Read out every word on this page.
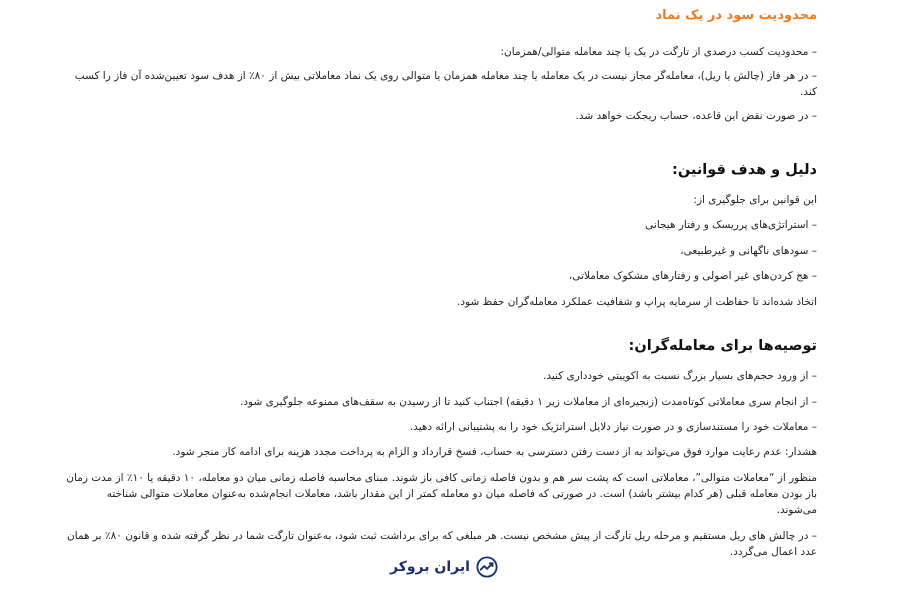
محدودیت سود در یک نماد

– محدودیت کسب درصدی از تارگت در یک یا چند معامله متوالی/همزمان:

– در هر فاز (چالش یا ریل)، معامله‌گر مجاز نیست در یک معامله یا چند معامله همزمان یا متوالی روی یک نماد معاملاتی بیش از ۸۰٪ از هدف سود تعیین‌شده آن فاز را کسب کند.

– در صورت نقض این قاعده، حساب ریجکت خواهد شد.

دلیل و هدف قوانین:

این قوانین برای جلوگیری از:

– استراتژی‌های پرریسک و رفتار هیجانی

– سودهای ناگهانی و غیرطبیعی،

– هج کردن‌های غیر اصولی و رفتارهای مشکوک معاملاتی،

اتخاذ شده‌اند تا حفاظت از سرمایه پراپ و شفافیت عملکرد معامله‌گران حفظ شود.

توصیه‌ها برای معامله‌گران:

– از ورود حجم‌های بسیار بزرگ نسبت به اکوییتی خودداری کنید.

– از انجام سری معاملاتی کوتاه‌مدت (زنجیره‌ای از معاملات زیر ۱ دقیقه) اجتناب کنید تا از رسیدن به سقف‌های ممنوعه جلوگیری شود.

– معاملات خود را مستندسازی و در صورت نیاز دلایل استراتژیک خود را به پشتیبانی ارائه دهید.

هشدار: عدم رعایت موارد فوق می‌تواند به از دست رفتن دسترسی به حساب، فسخ قرارداد و الزام به پرداخت مجدد هزینه برای ادامه کار منجر شود.

منظور از “معاملات متوالی”، معاملاتی است که پشت سر هم و بدون فاصله زمانی کافی باز شوند. مبنای محاسبه فاصله زمانی میان دو معامله، ۱۰ دقیقه یا ۱۰٪ از مدت زمان باز بودن معامله قبلی (هر کدام بیشتر باشد) است. در صورتی که فاصله میان دو معامله کمتر از این مقدار باشد، معاملات انجام‌شده به‌عنوان معاملات متوالی شناخته می‌شوند.

– در چالش های ریل مستقیم و مرحله ریل تارگت از پیش مشخص نیست. هر مبلغی که برای برداشت ثبت شود، به‌عنوان تارگت شما در نظر گرفته شده و قانون ۸۰٪ بر همان عدد اعمال می‌گردد.

ایران بروکر
